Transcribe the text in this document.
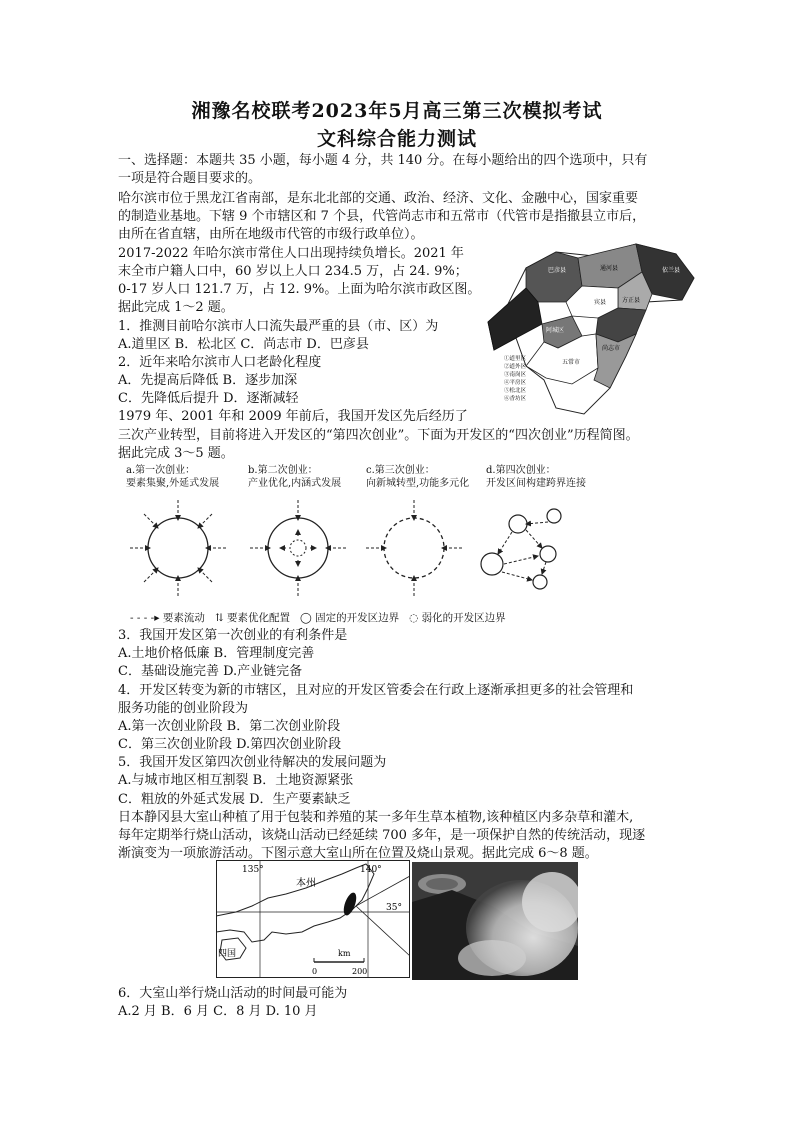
湘豫名校联考2023年5月高三第三次模拟考试
文科综合能力测试
一、选择题：本题共 35 小题，每小题 4 分，共 140 分。在每小题给出的四个选项中，只有
一项是符合题目要求的。
哈尔滨市位于黑龙江省南部，是东北北部的交通、政治、经济、文化、金融中心，国家重要
的制造业基地。下辖 9 个市辖区和 7 个县，代管尚志市和五常市（代管市是指撤县立市后，
由所在省直辖，由所在地级市代管的市级行政单位）。
2017-2022 年哈尔滨市常住人口出现持续负增长。2021 年
末全市户籍人口中，60 岁以上人口 234.5 万，占 24. 9%；
0-17 岁人口 121.7 万，占 12. 9%。上面为哈尔滨市政区图。
据此完成 1～2 题。
1．推测目前哈尔滨市人口流失最严重的县（市、区）为
A.道里区 B．松北区 C．尚志市 D．巴彦县
2．近年来哈尔滨市人口老龄化程度
A．先提高后降低 B．逐步加深
C．先降低后提升 D．逐渐减轻
1979 年、2001 年和 2009 年前后，我国开发区先后经历了
三次产业转型，目前将进入开发区的“第四次创业”。下面为开发区的“四次创业”历程简图。
据此完成 3～5 题。
巴彦县	通河县	依兰县
方正县
宾县
阿城区
五常市
尚志市
①道里区
②道外区
③南岗区
④平房区
⑤松北区
⑥香坊区
a.第一次创业：
要素集聚,外延式发展
b.第二次创业：
产业优化,内涵式发展
c.第三次创业：
向新城转型,功能多元化
d.第四次创业：
开发区间构建跨界连接
- - - -▸ 要素流动 ⇅ 要素优化配置 ◯ 固定的开发区边界 ◌ 弱化的开发区边界
3．我国开发区第一次创业的有利条件是
A.土地价格低廉 B．管理制度完善
C．基础设施完善 D.产业链完备
4．开发区转变为新的市辖区，且对应的开发区管委会在行政上逐渐承担更多的社会管理和
服务功能的创业阶段为
A.第一次创业阶段 B．第二次创业阶段
C．第三次创业阶段 D.第四次创业阶段
5．我国开发区第四次创业待解决的发展问题为
A.与城市地区相互割裂 B．土地资源紧张
C．粗放的外延式发展 D．生产要素缺乏
日本静冈县大室山种植了用于包装和养殖的某一多年生草本植物,该种植区内多杂草和灌木,
每年定期举行烧山活动，该烧山活动已经延续 700 多年，是一项保护自然的传统活动，现逐
渐演变为一项旅游活动。下图示意大室山所在位置及烧山景观。据此完成 6～8 题。
135°	140°
35°
本州
四国	km
0	200
6．大室山举行烧山活动的时间最可能为
A.2 月 B．6 月 C．8 月 D. 10 月
